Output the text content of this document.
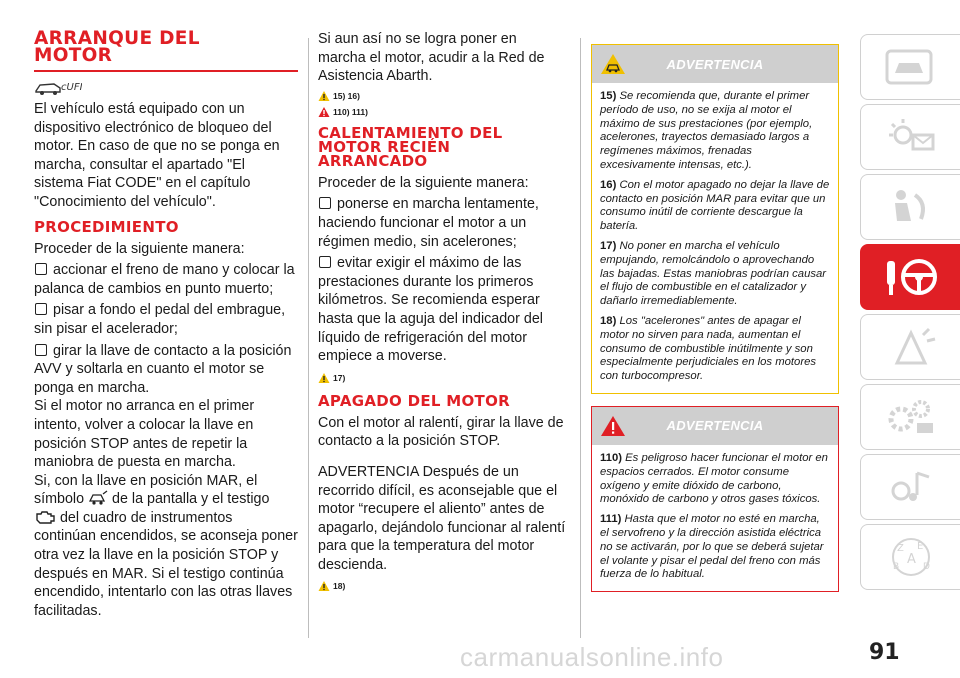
ARRANQUE DEL
MOTOR
cUFI

El vehículo está equipado con un dispositivo electrónico de bloqueo del motor. En caso de que no se ponga en marcha, consultar el apartado "El sistema Fiat CODE" en el capítulo "Conocimiento del vehículo".

PROCEDIMIENTO

Proceder de la siguiente manera:

accionar el freno de mano y colocar la palanca de cambios en punto muerto;

pisar a fondo el pedal del embrague, sin pisar el acelerador;

girar la llave de contacto a la posición AVV y soltarla en cuanto el motor se ponga en marcha.

Si el motor no arranca en el primer intento, volver a colocar la llave en posición STOP antes de repetir la maniobra de puesta en marcha.

Si, con la llave en posición MAR, el símbolo de la pantalla y el testigo
del cuadro de instrumentos continúan encendidos, se aconseja poner otra vez la llave en la posición STOP y después en MAR. Si el testigo continúa encendido, intentarlo con las otras llaves facilitadas.

Si aun así no se logra poner en marcha el motor, acudir a la Red de Asistencia Abarth.

15) 16)
110) 111)
CALENTAMIENTO DEL
MOTOR RECIÉN
ARRANCADO

Proceder de la siguiente manera:

ponerse en marcha lentamente, haciendo funcionar el motor a un régimen medio, sin acelerones;

evitar exigir el máximo de las prestaciones durante los primeros kilómetros. Se recomienda esperar hasta que la aguja del indicador del líquido de refrigeración del motor empiece a moverse.

17)
APAGADO DEL MOTOR

Con el motor al ralentí, girar la llave de contacto a la posición STOP.

ADVERTENCIA Después de un recorrido difícil, es aconsejable que el motor “recupere el aliento” antes de apagarlo, dejándolo funcionar al ralentí para que la temperatura del motor descienda.

18)
ADVERTENCIA

15) Se recomienda que, durante el primer período de uso, no se exija al motor el máximo de sus prestaciones (por ejemplo, acelerones, trayectos demasiado largos a regímenes máximos, frenadas excesivamente intensas, etc.).

16) Con el motor apagado no dejar la llave de contacto en posición MAR para evitar que un consumo inútil de corriente descargue la batería.

17) No poner en marcha el vehículo empujando, remolcándolo o aprovechando las bajadas. Estas maniobras podrían causar el flujo de combustible en el catalizador y dañarlo irremediablemente.

18) Los "acelerones" antes de apagar el motor no sirven para nada, aumentan el consumo de combustible inútilmente y son especialmente perjudiciales en los motores con turbocompresor.

ADVERTENCIA

110) Es peligroso hacer funcionar el motor en espacios cerrados. El motor consume oxígeno y emite dióxido de carbono, monóxido de carbono y otros gases tóxicos.

111) Hasta que el motor no esté en marcha, el servofreno y la dirección asistida eléctrica no se activarán, por lo que se deberá sujetar el volante y pisar el pedal del freno con más fuerza de lo habitual.

Z E
A
B	D
91
carmanualsonline.info
